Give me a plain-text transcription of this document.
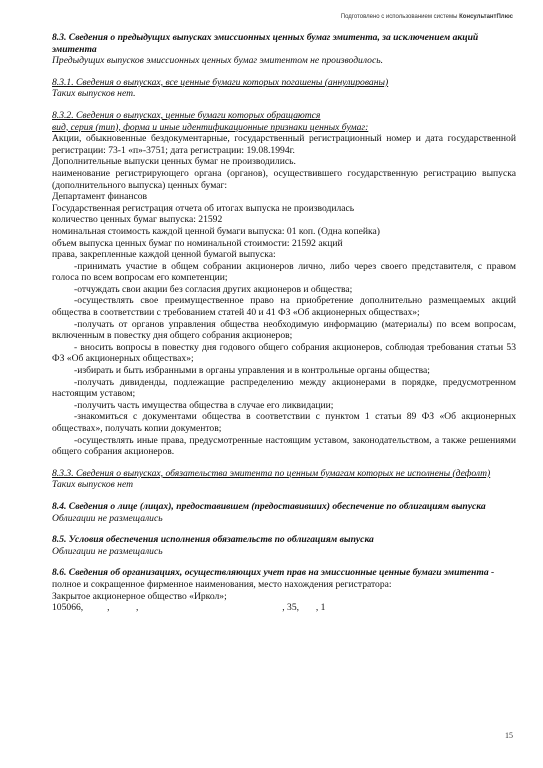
Подготовлено с использованием системы КонсультантПлюс
8.3. Сведения о предыдущих выпусках эмиссионных ценных бумаг эмитента, за исключением акций эмитента
Предыдущих выпусков эмиссионных ценных бумаг эмитентом не производилось.
8.3.1. Сведения о выпусках, все ценные бумаги которых погашены (аннулированы)
Таких выпусков нет.
8.3.2. Сведения о выпусках, ценные бумаги которых обращаются
вид, серия (тип), форма и иные идентификационные признаки ценных бумаг:
Акции, обыкновенные бездокументарные, государственный регистрационный номер и дата государственной регистрации: 73-1 «п»-3751; дата регистрации: 19.08.1994г.
Дополнительные выпуски ценных бумаг не производились.
наименование регистрирующего органа (органов), осуществившего государственную регистрацию выпуска (дополнительного выпуска) ценных бумаг:
Департамент финансов
Государственная регистрация отчета об итогах выпуска не производилась
количество ценных бумаг выпуска: 21592
номинальная стоимость каждой ценной бумаги выпуска: 01 коп. (Одна копейка)
объем выпуска ценных бумаг по номинальной стоимости: 21592 акций
права, закрепленные каждой ценной бумагой выпуска:
-принимать участие в общем собрании акционеров лично, либо через своего представителя, с правом голоса по всем вопросам его компетенции;
-отчуждать свои акции без согласия других акционеров и общества;
-осуществлять свое преимущественное право на приобретение дополнительно размещаемых акций общества в соответствии с требованием статей 40 и 41 ФЗ «Об акционерных обществах»;
-получать от органов управления общества необходимую информацию (материалы) по всем вопросам, включенным в повестку дня общего собрания акционеров;
- вносить вопросы в повестку дня годового общего собрания акционеров, соблюдая требования статьи 53 ФЗ «Об акционерных обществах»;
-избирать и быть избранными в органы управления и в контрольные органы общества;
-получать дивиденды, подлежащие распределению между акционерами в порядке, предусмотренном настоящим уставом;
-получить часть имущества общества в случае его ликвидации;
-знакомиться с документами общества в соответствии с пунктом 1 статьи 89 ФЗ «Об акционерных обществах», получать копии документов;
-осуществлять иные права, предусмотренные настоящим уставом, законодательством, а также решениями общего собрания акционеров.
8.3.3. Сведения о выпусках, обязательства эмитента по ценным бумагам которых не исполнены (дефолт)
Таких выпусков нет
8.4. Сведения о лице (лицах), предоставившем (предоставивших) обеспечение по облигациям выпуска
Облигации не размещались
8.5. Условия обеспечения исполнения обязательств по облигациям выпуска
Облигации не размещались
8.6. Сведения об организациях, осуществляющих учет прав на эмиссионные ценные бумаги эмитента -
полное и сокращенное фирменное наименования, место нахождения регистратора:
Закрытое акционерное общество «Иркол»;
105066,          ,           ,                                                            , 35,       , 1
15
